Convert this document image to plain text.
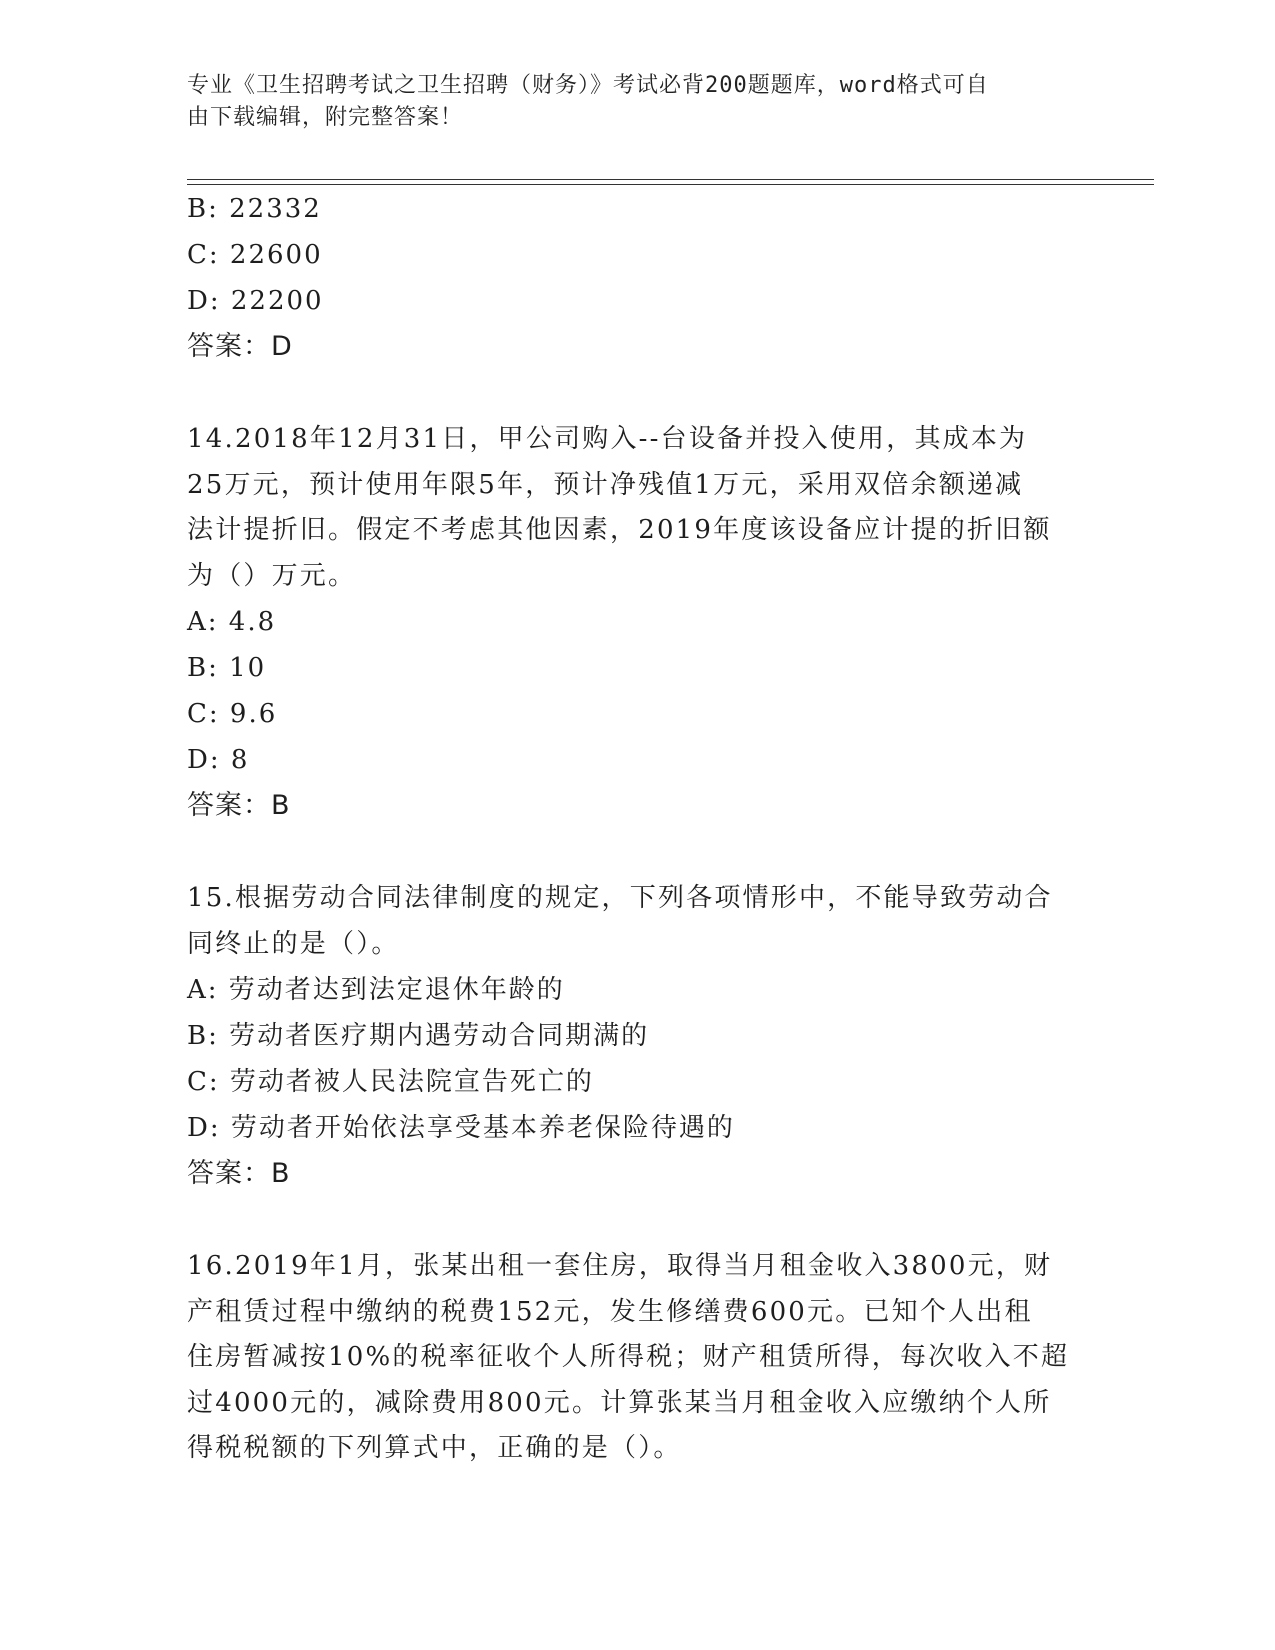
专业《卫生招聘考试之卫生招聘（财务）》考试必背200题题库，word格式可自
由下载编辑，附完整答案！
B: 22332
C: 22600
D: 22200
答案：D
14.2018年12月31日，甲公司购入--台设备并投入使用，其成本为
25万元，预计使用年限5年，预计净残值1万元，采用双倍余额递减
法计提折旧。假定不考虑其他因素，2019年度该设备应计提的折旧额
为（）万元。
A: 4.8
B: 10
C: 9.6
D: 8
答案：B
15.根据劳动合同法律制度的规定，下列各项情形中，不能导致劳动合
同终止的是（）。
A: 劳动者达到法定退休年龄的
B: 劳动者医疗期内遇劳动合同期满的
C: 劳动者被人民法院宣告死亡的
D: 劳动者开始依法享受基本养老保险待遇的
答案：B
16.2019年1月，张某出租一套住房，取得当月租金收入3800元，财
产租赁过程中缴纳的税费152元，发生修缮费600元。已知个人出租
住房暂减按10%的税率征收个人所得税；财产租赁所得，每次收入不超
过4000元的，减除费用800元。计算张某当月租金收入应缴纳个人所
得税税额的下列算式中，正确的是（）。
